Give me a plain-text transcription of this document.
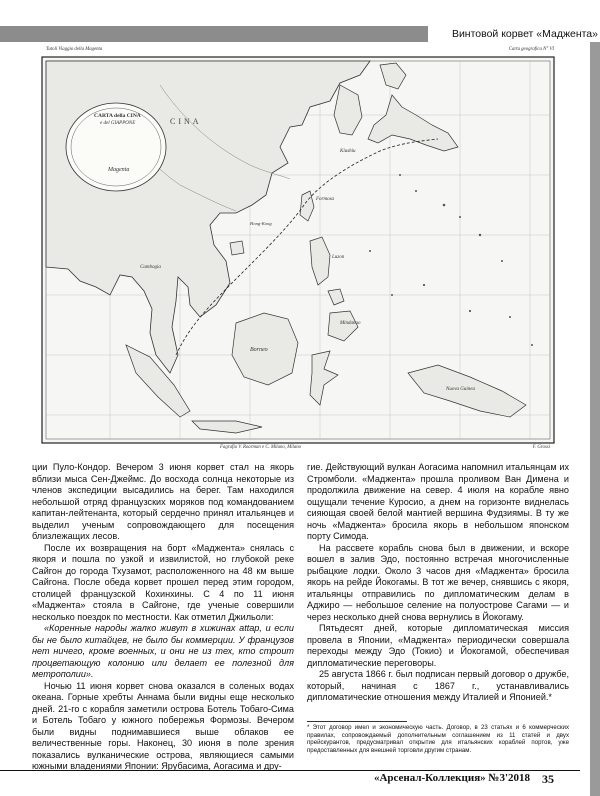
Винтовой корвет «Маджента»
Tutoli Viaggio della Magenta	Carta geografica N° VI
CARTA della CINA
e del GIAPPONE
Magenta
CINA
Kiushiu
Formosa
Luzon
Borneo
Cambogia
Mindanao
Nuova Guinea
Hong-Kong
Fagrafia V. Roarman e C. Milano, Milano	F. Grossi

ции Пуло-Кондор. Вечером 3 июня корвет стал на якорь вблизи мыса Сен-Джеймс. До восхода солнца некоторые из членов экспедиции высадились на берег. Там находился небольшой отряд французских моряков под командованием капитан-лейтенанта, который сердечно принял итальянцев и выделил ученым сопровождающего для посещения близлежащих лесов.

После их возвращения на борт «Маджента» снялась с якоря и пошла по узкой и извилистой, но глубокой реке Сайгон до города Тхузамот, расположенного на 48 км выше Сайгона. После обеда корвет прошел перед этим городом, столицей французской Кохинхины. С 4 по 11 июня «Маджента» стояла в Сайгоне, где ученые совершили несколько поездок по местности. Как отметил Джильоли:

«Коренные народы жалко живут в хижинах attap, и если бы не было китайцев, не было бы коммерции. У французов нет ничего, кроме военных, и они не из тех, кто строит процветающую колонию или делает ее полезной для метрополии».

Ночью 11 июня корвет снова оказался в соленых водах океана. Горные хребты Аннама были видны еще несколько дней. 21-го с корабля заметили острова Ботель Тобаго-Сима и Ботель Тобаго у южного побережья Формозы. Вечером были видны поднимавшиеся выше облаков ее величественные горы. Наконец, 30 июня в поле зрения показались вулканические острова, являющиеся самыми южными владениями Японии: Ярубасима, Аогасима и дру-

гие. Действующий вулкан Аогасима напомнил итальянцам их Стромболи. «Маджента» прошла проливом Ван Димена и продолжила движение на север. 4 июля на корабле явно ощущали течение Куросио, а днем на горизонте виднелась сияющая своей белой мантией вершина Фудзиямы. В ту же ночь «Маджента» бросила якорь в небольшом японском порту Симода.

На рассвете корабль снова был в движении, и вскоре вошел в залив Эдо, постоянно встречая многочисленные рыбацкие лодки. Около 3 часов дня «Маджента» бросила якорь на рейде Йокогамы. В тот же вечер, снявшись с якоря, итальянцы отправились по дипломатическим делам в Аджиро — небольшое селение на полуострове Сагами — и через несколько дней снова вернулись в Йокогаму.

Пятьдесят дней, которые дипломатическая миссия провела в Японии, «Маджента» периодически совершала переходы между Эдо (Токио) и Йокогамой, обеспечивая дипломатические переговоры.

25 августа 1866 г. был подписан первый договор о дружбе, который, начиная с 1867 г., устанавливались дипломатические отношения между Италией и Японией.*

* Этот договор имел и экономическую часть. Договор, в 23 статьях и 6 коммерческих правилах, сопровождаемый дополнительным соглашением из 11 статей и двух прейскурантов, предусматривал открытие для итальянских кораблей портов, уже предоставленных для внешней торговли другим странам.
«Арсенал-Коллекция» №3'2018 35
